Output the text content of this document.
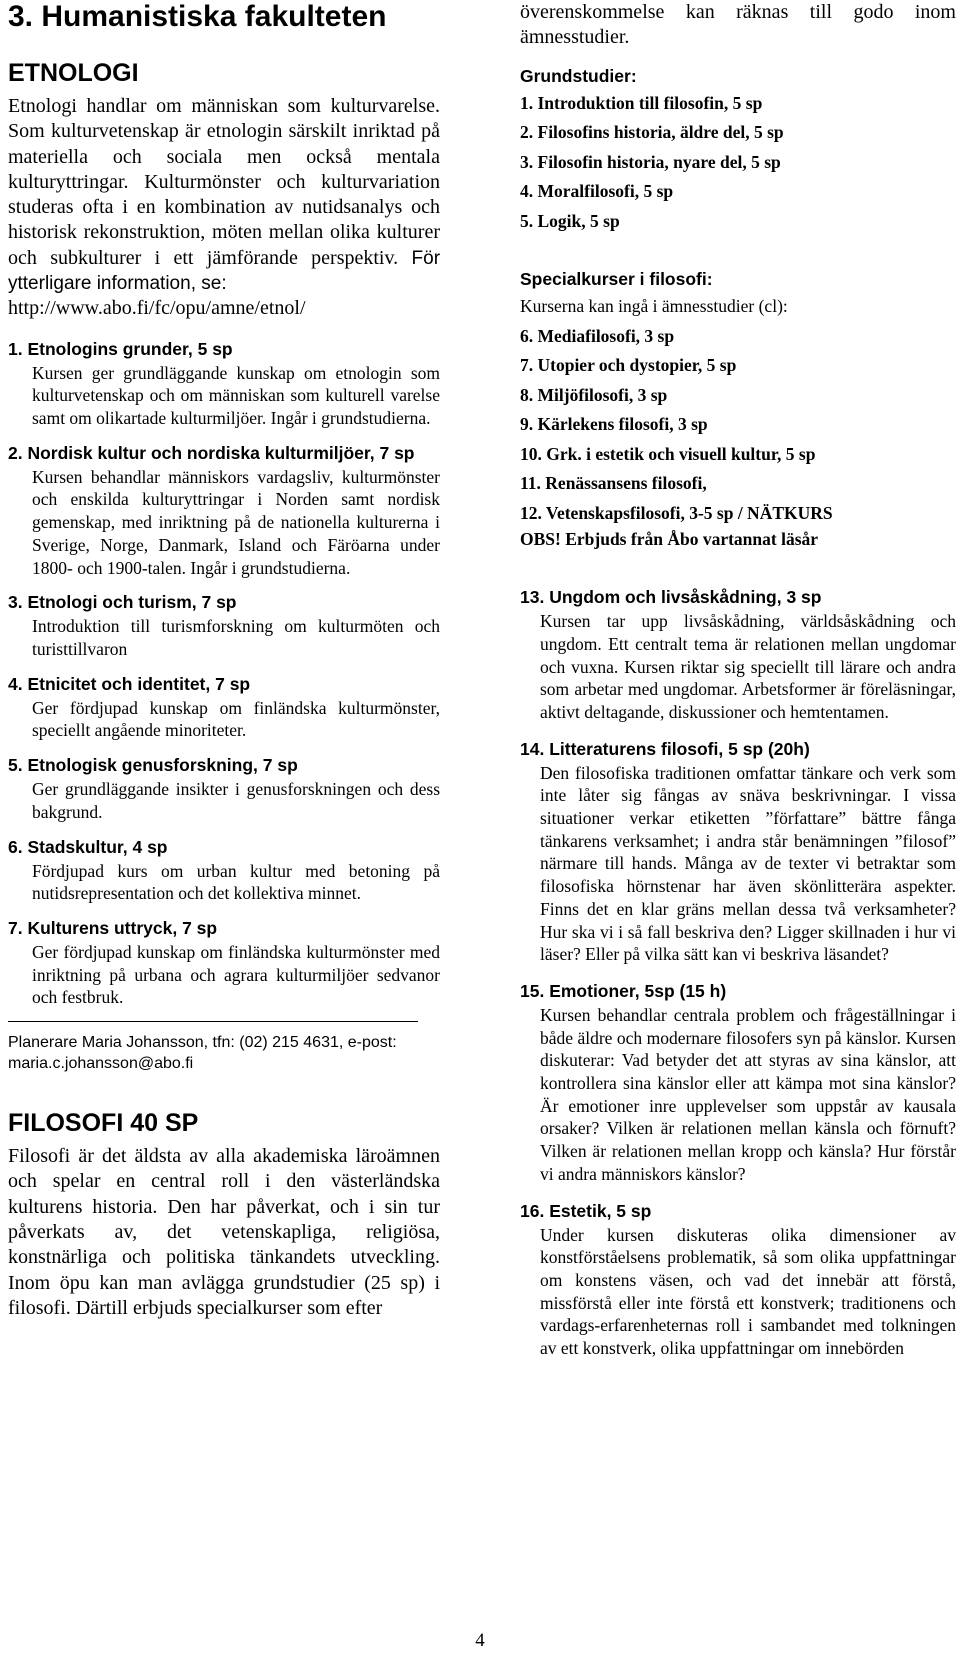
3. Humanistiska fakulteten
ETNOLOGI
Etnologi handlar om människan som kulturvarelse. Som kulturvetenskap är etnologin särskilt inriktad på materiella och sociala men också mentala kulturyttringar. Kulturmönster och kulturvariation studeras ofta i en kombination av nutidsanalys och historisk rekonstruktion, möten mellan olika kulturer och subkulturer i ett jämförande perspektiv. För ytterligare information, se:
http://www.abo.fi/fc/opu/amne/etnol/
1. Etnologins grunder, 5 sp
Kursen ger grundläggande kunskap om etnologin som kulturvetenskap och om människan som kulturell varelse samt om olikartade kulturmiljöer. Ingår i grundstudierna.
2. Nordisk kultur och nordiska kulturmiljöer, 7 sp
Kursen behandlar människors vardagsliv, kulturmönster och enskilda kulturyttringar i Norden samt nordisk gemenskap, med inriktning på de nationella kulturerna i Sverige, Norge, Danmark, Island och Färöarna under 1800- och 1900-talen. Ingår i grundstudierna.
3. Etnologi och turism, 7 sp
Introduktion till turismforskning om kulturmöten och turisttillvaron
4. Etnicitet och identitet, 7 sp
Ger fördjupad kunskap om finländska kulturmönster, speciellt angående minoriteter.
5. Etnologisk genusforskning, 7 sp
Ger grundläggande insikter i genusforskningen och dess bakgrund.
6. Stadskultur, 4 sp
Fördjupad kurs om urban kultur med betoning på nutidsrepresentation och det kollektiva minnet.
7. Kulturens uttryck, 7 sp
Ger fördjupad kunskap om finländska kulturmönster med inriktning på urbana och agrara kulturmiljöer sedvanor och festbruk.
Planerare Maria Johansson, tfn: (02) 215 4631, e-post: maria.c.johansson@abo.fi
FILOSOFI 40 SP
Filosofi är det äldsta av alla akademiska läroämnen och spelar en central roll i den västerländska kulturens historia. Den har påverkat, och i sin tur påverkats av, det vetenskapliga, religiösa, konstnärliga och politiska tänkandets utveckling. Inom öpu kan man avlägga grundstudier (25 sp) i filosofi. Därtill erbjuds specialkurser som efter
överenskommelse kan räknas till godo inom ämnesstudier.
Grundstudier:
1. Introduktion till filosofin, 5 sp
2. Filosofins historia, äldre del, 5 sp
3. Filosofin historia, nyare del, 5 sp
4. Moralfilosofi, 5 sp
5. Logik, 5 sp
Specialkurser i filosofi:
Kurserna kan ingå i ämnesstudier (cl):
6. Mediafilosofi, 3 sp
7. Utopier och dystopier, 5 sp
8. Miljöfilosofi, 3 sp
9. Kärlekens filosofi, 3 sp
10. Grk. i estetik och visuell kultur, 5 sp
11. Renässansens filosofi,
12. Vetenskapsfilosofi, 3-5 sp / NÄTKURS
OBS! Erbjuds från Åbo vartannat läsår
13. Ungdom och livsåskådning, 3 sp
Kursen tar upp livsåskådning, världsåskådning och ungdom. Ett centralt tema är relationen mellan ungdomar och vuxna. Kursen riktar sig speciellt till lärare och andra som arbetar med ungdomar. Arbetsformer är föreläsningar, aktivt deltagande, diskussioner och hemtentamen.
14. Litteraturens filosofi, 5 sp (20h)
Den filosofiska traditionen omfattar tänkare och verk som inte låter sig fångas av snäva beskrivningar. I vissa situationer verkar etiketten ”författare” bättre fånga tänkarens verksamhet; i andra står benämningen ”filosof” närmare till hands. Många av de texter vi betraktar som filosofiska hörnstenar har även skönlitterära aspekter. Finns det en klar gräns mellan dessa två verksamheter? Hur ska vi i så fall beskriva den? Ligger skillnaden i hur vi läser? Eller på vilka sätt kan vi beskriva läsandet?
15. Emotioner, 5sp (15 h)
Kursen behandlar centrala problem och frågeställningar i både äldre och modernare filosofers syn på känslor. Kursen diskuterar: Vad betyder det att styras av sina känslor, att kontrollera sina känslor eller att kämpa mot sina känslor? Är emotioner inre upplevelser som uppstår av kausala orsaker? Vilken är relationen mellan känsla och förnuft? Vilken är relationen mellan kropp och känsla? Hur förstår vi andra människors känslor?
16. Estetik, 5 sp
Under kursen diskuteras olika dimensioner av konstförståelsens problematik, så som olika uppfattningar om konstens väsen, och vad det innebär att förstå, missförstå eller inte förstå ett konstverk; traditionens och vardags-erfarenheternas roll i sambandet med tolkningen av ett konstverk, olika uppfattningar om innebörden
4
